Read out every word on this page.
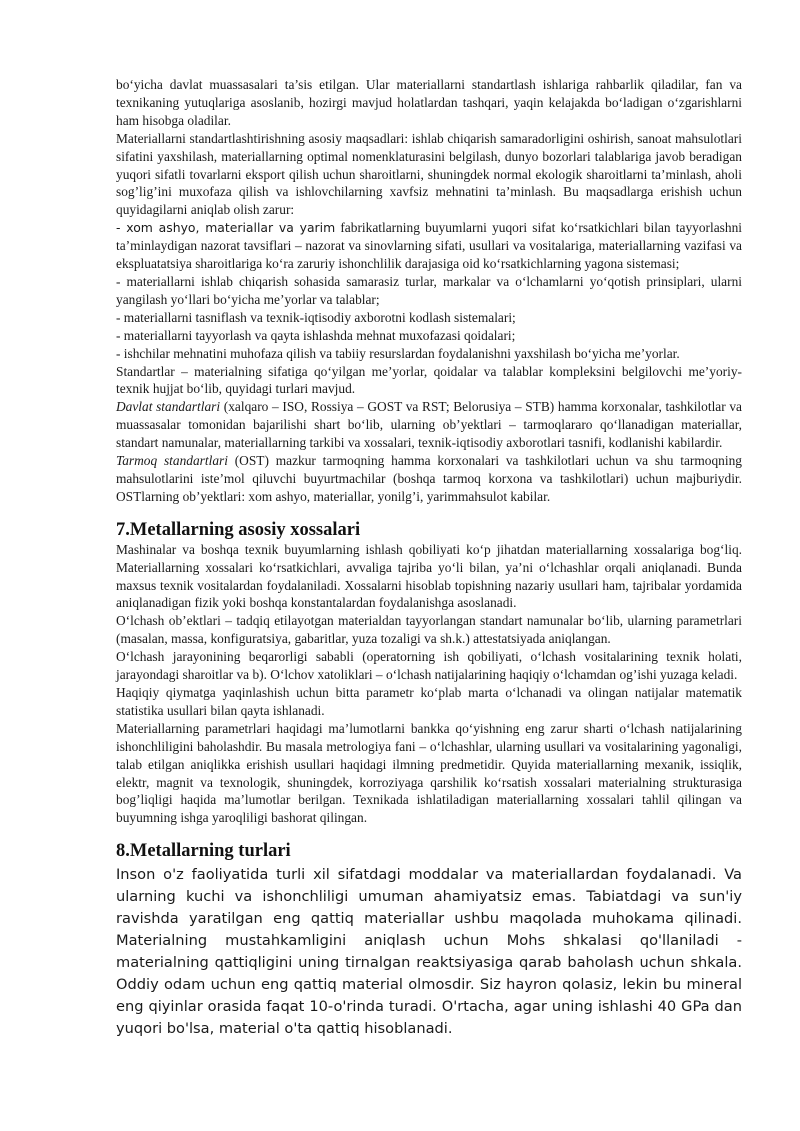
bo‘yicha davlat muassasalari ta’sis etilgan. Ular materiallarni standartlash ishlariga rahbarlik qiladilar, fan va texnikaning yutuqlariga asoslanib, hozirgi mavjud holatlardan tashqari, yaqin kelajakda bo‘ladigan o‘zgarishlarni ham hisobga oladilar.

Materiallarni standartlashtirishning asosiy maqsadlari: ishlab chiqarish samaradorligini oshirish, sanoat mahsulotlari sifatini yaxshilash, materiallarning optimal nomenklaturasini belgilash, dunyo bozorlari talablariga javob beradigan yuqori sifatli tovarlarni eksport qilish uchun sharoitlarni, shuningdek normal ekologik sharoitlarni ta’minlash, aholi sog’lig’ini muxofaza qilish va ishlovchilarning xavfsiz mehnatini ta’minlash. Bu maqsadlarga erishish uchun quyidagilarni aniqlab olish zarur:

- xom ashyo, materiallar va yarim fabrikatlarning buyumlarni yuqori sifat ko‘rsatkichlari bilan tayyorlashni ta’minlaydigan nazorat tavsiflari – nazorat va sinovlarning sifati, usullari va vositalariga, materiallarning vazifasi va ekspluatatsiya sharoitlariga ko‘ra zaruriy ishonchlilik darajasiga oid ko‘rsatkichlarning yagona sistemasi;

- materiallarni ishlab chiqarish sohasida samarasiz turlar, markalar va o‘lchamlarni yo‘qotish prinsiplari, ularni yangilash yo‘llari bo‘yicha me’yorlar va talablar;

- materiallarni tasniflash va texnik-iqtisodiy axborotni kodlash sistemalari;

- materiallarni tayyorlash va qayta ishlashda mehnat muxofazasi qoidalari;

- ishchilar mehnatini muhofaza qilish va tabiiy resurslardan foydalanishni yaxshilash bo‘yicha me’yorlar.

Standartlar – materialning sifatiga qo‘yilgan me’yorlar, qoidalar va talablar kompleksini belgilovchi me’yoriy-texnik hujjat bo‘lib, quyidagi turlari mavjud.

Davlat standartlari (xalqaro – ISO, Rossiya – GOST va RST; Belorusiya – STB) hamma korxonalar, tashkilotlar va muassasalar tomonidan bajarilishi shart bo‘lib, ularning ob’yektlari – tarmoqlararo qo‘llanadigan materiallar, standart namunalar, materiallarning tarkibi va xossalari, texnik-iqtisodiy axborotlari tasnifi, kodlanishi kabilardir.

Tarmoq standartlari (OST) mazkur tarmoqning hamma korxonalari va tashkilotlari uchun va shu tarmoqning mahsulotlarini iste’mol qiluvchi buyurtmachilar (boshqa tarmoq korxona va tashkilotlari) uchun majburiydir. OSTlarning ob’yektlari: xom ashyo, materiallar, yonilg’i, yarimmahsulot kabilar.

7.Metallarning asosiy xossalari

Mashinalar va boshqa texnik buyumlarning ishlash qobiliyati ko‘p jihatdan materiallarning xossalariga bog‘liq. Materiallarning xossalari ko‘rsatkichlari, avvaliga tajriba yo‘li bilan, ya’ni o‘lchashlar orqali aniqlanadi. Bunda maxsus texnik vositalardan foydalaniladi. Xossalarni hisoblab topishning nazariy usullari ham, tajribalar yordamida aniqlanadigan fizik yoki boshqa konstantalardan foydalanishga asoslanadi.

O‘lchash ob’ektlari – tadqiq etilayotgan materialdan tayyorlangan standart namunalar bo‘lib, ularning parametrlari (masalan, massa, konfiguratsiya, gabaritlar, yuza tozaligi va sh.k.) attestatsiyada aniqlangan.

O‘lchash jarayonining beqarorligi sababli (operatorning ish qobiliyati, o‘lchash vositalarining texnik holati, jarayondagi sharoitlar va b). O‘lchov xatoliklari – o‘lchash natijalarining haqiqiy o‘lchamdan og’ishi yuzaga keladi.

Haqiqiy qiymatga yaqinlashish uchun bitta parametr ko‘plab marta o‘lchanadi va olingan natijalar matematik statistika usullari bilan qayta ishlanadi.

Materiallarning parametrlari haqidagi ma’lumotlarni bankka qo‘yishning eng zarur sharti o‘lchash natijalarining ishonchliligini baholashdir. Bu masala metrologiya fani – o‘lchashlar, ularning usullari va vositalarining yagonaligi, talab etilgan aniqlikka erishish usullari haqidagi ilmning predmetidir. Quyida materiallarning mexanik, issiqlik, elektr, magnit va texnologik, shuningdek, korroziyaga qarshilik ko‘rsatish xossalari materialning strukturasiga bog’liqligi haqida ma’lumotlar berilgan. Texnikada ishlatiladigan materiallarning xossalari tahlil qilingan va buyumning ishga yaroqliligi bashorat qilingan.

8.Metallarning turlari

Inson o'z faoliyatida turli xil sifatdagi moddalar va materiallardan foydalanadi. Va ularning kuchi va ishonchliligi umuman ahamiyatsiz emas. Tabiatdagi va sun'iy ravishda yaratilgan eng qattiq materiallar ushbu maqolada muhokama qilinadi. Materialning mustahkamligini aniqlash uchun Mohs shkalasi qo'llaniladi - materialning qattiqligini uning tirnalgan reaktsiyasiga qarab baholash uchun shkala. Oddiy odam uchun eng qattiq material olmosdir. Siz hayron qolasiz, lekin bu mineral eng qiyinlar orasida faqat 10-o'rinda turadi. O'rtacha, agar uning ishlashi 40 GPa dan yuqori bo'lsa, material o'ta qattiq hisoblanadi.
